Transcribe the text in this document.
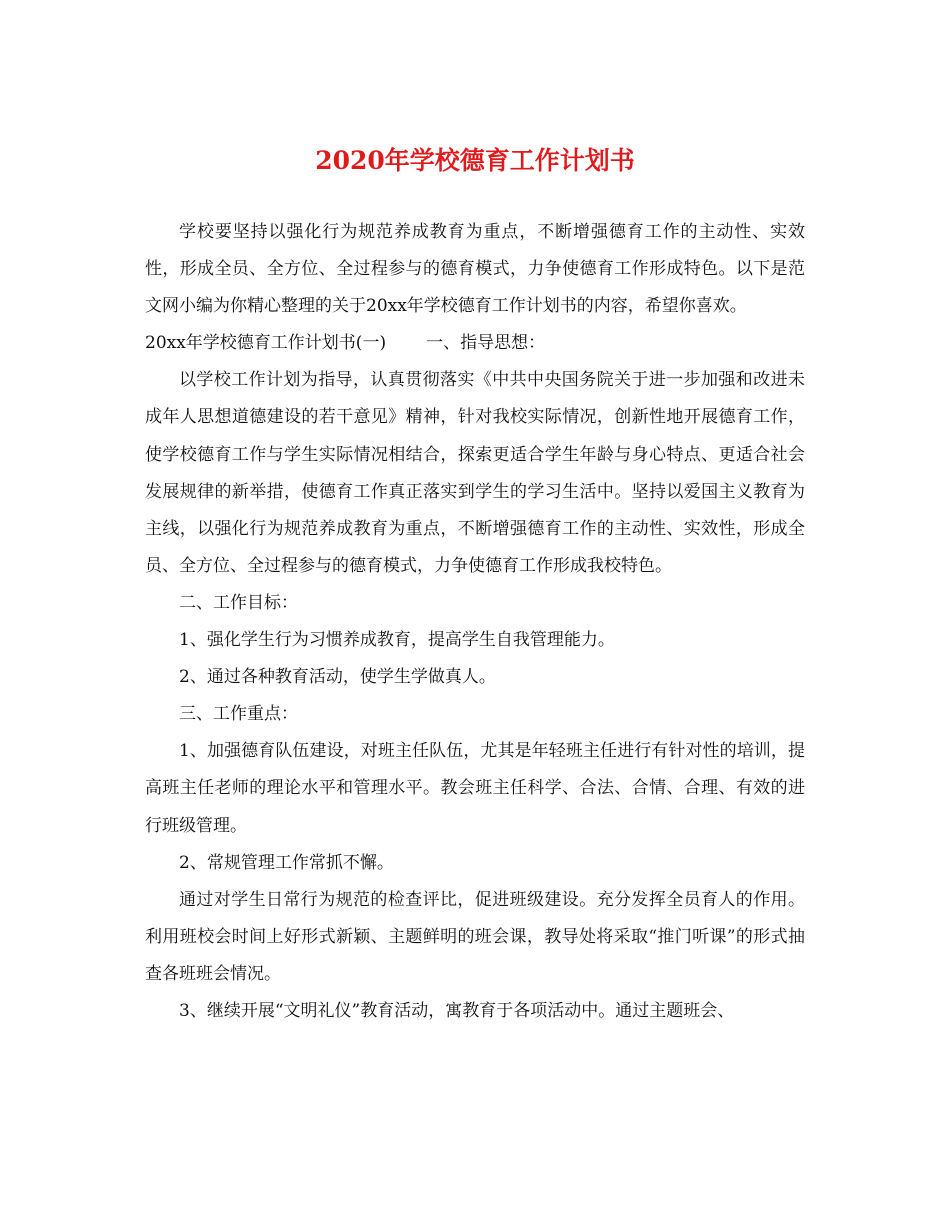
2020年学校德育工作计划书

学校要坚持以强化行为规范养成教育为重点，不断增强德育工作的主动性、实效性，形成全员、全方位、全过程参与的德育模式，力争使德育工作形成特色。以下是范文网小编为你精心整理的关于20xx年学校德育工作计划书的内容，希望你喜欢。

20xx年学校德育工作计划书(一) 一、指导思想：

以学校工作计划为指导，认真贯彻落实《中共中央国务院关于进一步加强和改进未成年人思想道德建设的若干意见》精神，针对我校实际情况，创新性地开展德育工作，使学校德育工作与学生实际情况相结合，探索更适合学生年龄与身心特点、更适合社会发展规律的新举措，使德育工作真正落实到学生的学习生活中。坚持以爱国主义教育为主线，以强化行为规范养成教育为重点，不断增强德育工作的主动性、实效性，形成全员、全方位、全过程参与的德育模式，力争使德育工作形成我校特色。

二、工作目标：

1、强化学生行为习惯养成教育，提高学生自我管理能力。

2、通过各种教育活动，使学生学做真人。

三、工作重点：

1、加强德育队伍建设，对班主任队伍，尤其是年轻班主任进行有针对性的培训，提高班主任老师的理论水平和管理水平。教会班主任科学、合法、合情、合理、有效的进行班级管理。

2、常规管理工作常抓不懈。

通过对学生日常行为规范的检查评比，促进班级建设。充分发挥全员育人的作用。利用班校会时间上好形式新颖、主题鲜明的班会课，教导处将采取“推门听课”的形式抽查各班班会情况。

3、继续开展“文明礼仪”教育活动，寓教育于各项活动中。通过主题班会、
